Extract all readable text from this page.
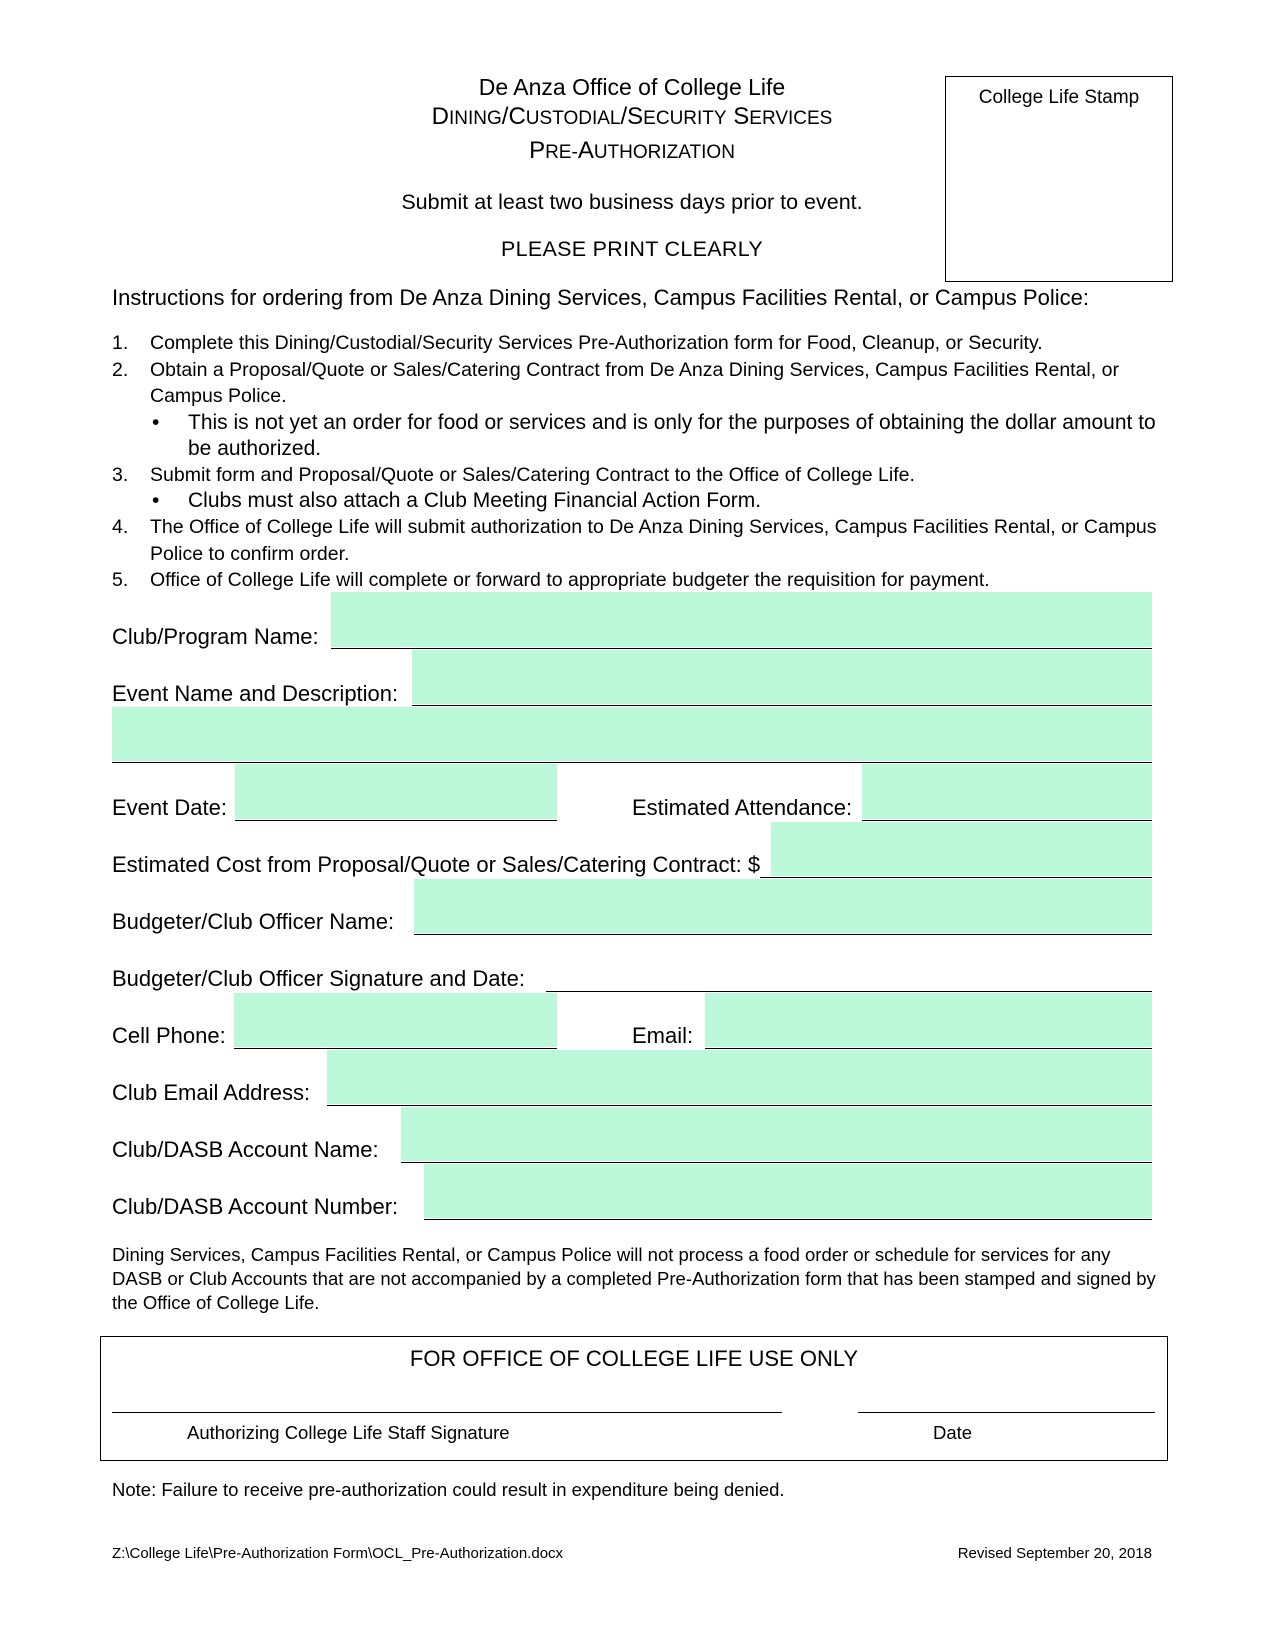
De Anza Office of College Life
DINING/CUSTODIAL/SECURITY SERVICES
PRE-AUTHORIZATION
Submit at least two business days prior to event.
PLEASE PRINT CLEARLY
College Life Stamp
Instructions for ordering from De Anza Dining Services, Campus Facilities Rental, or Campus Police:
1. Complete this Dining/Custodial/Security Services Pre-Authorization form for Food, Cleanup, or Security.
2. Obtain a Proposal/Quote or Sales/Catering Contract from De Anza Dining Services, Campus Facilities Rental, or Campus Police.
• This is not yet an order for food or services and is only for the purposes of obtaining the dollar amount to be authorized.
3. Submit form and Proposal/Quote or Sales/Catering Contract to the Office of College Life.
• Clubs must also attach a Club Meeting Financial Action Form.
4. The Office of College Life will submit authorization to De Anza Dining Services, Campus Facilities Rental, or Campus Police to confirm order.
5. Office of College Life will complete or forward to appropriate budgeter the requisition for payment.
Club/Program Name:
Event Name and Description:
Event Date:	Estimated Attendance:
Estimated Cost from Proposal/Quote or Sales/Catering Contract: $
Budgeter/Club Officer Name:
Budgeter/Club Officer Signature and Date:
Cell Phone:	Email:
Club Email Address:
Club/DASB Account Name:
Club/DASB Account Number:
Dining Services, Campus Facilities Rental, or Campus Police will not process a food order or schedule for services for any DASB or Club Accounts that are not accompanied by a completed Pre-Authorization form that has been stamped and signed by the Office of College Life.
FOR OFFICE OF COLLEGE LIFE USE ONLY
Authorizing College Life Staff Signature	Date
Note: Failure to receive pre-authorization could result in expenditure being denied.
Z:\College Life\Pre-Authorization Form\OCL_Pre-Authorization.docx	Revised September 20, 2018
